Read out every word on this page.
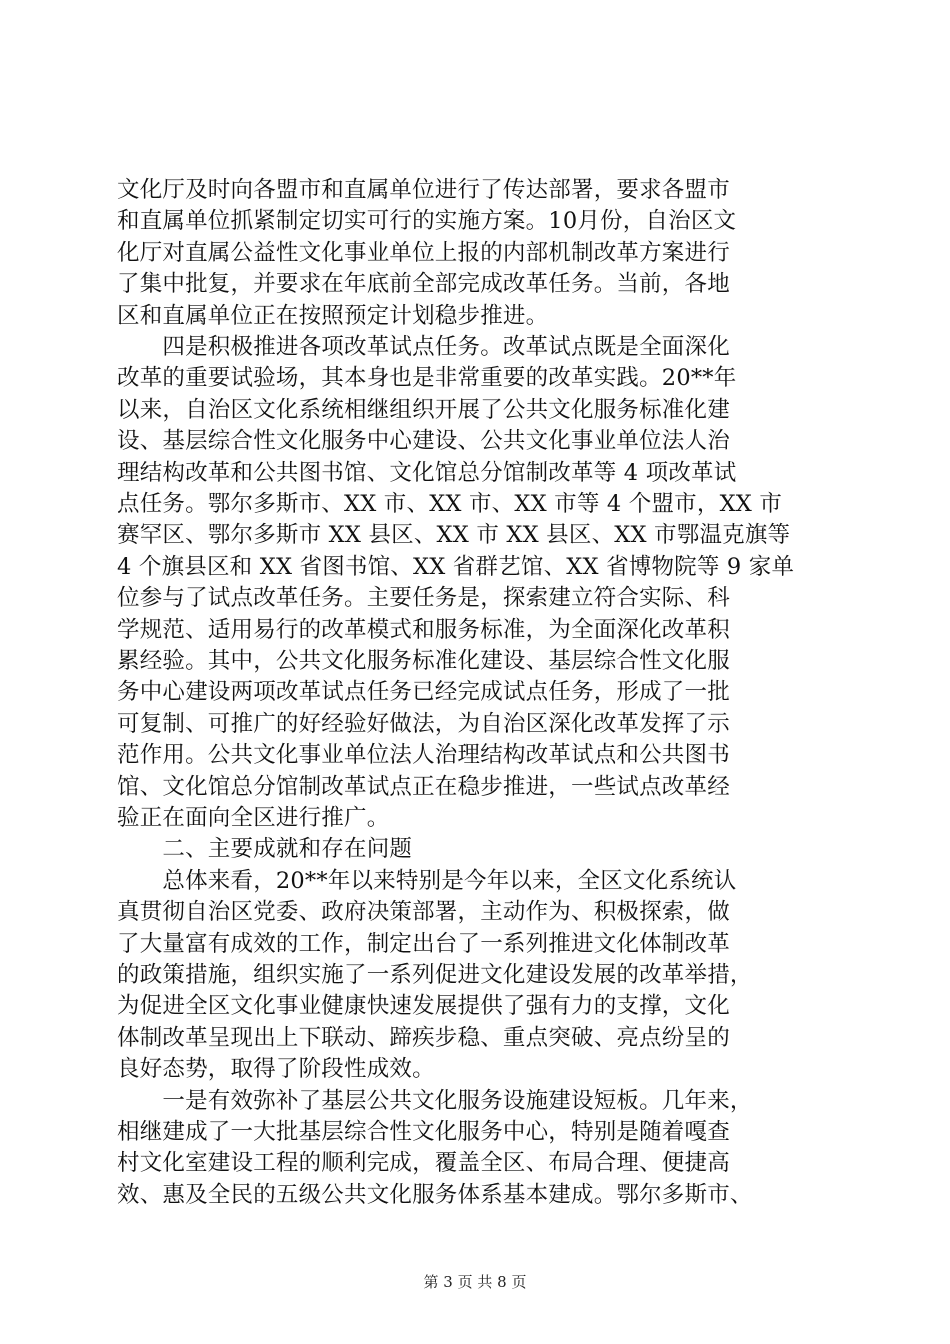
文化厅及时向各盟市和直属单位进行了传达部署，要求各盟市
和直属单位抓紧制定切实可行的实施方案。10月份，自治区文
化厅对直属公益性文化事业单位上报的内部机制改革方案进行
了集中批复，并要求在年底前全部完成改革任务。当前，各地
区和直属单位正在按照预定计划稳步推进。
　　四是积极推进各项改革试点任务。改革试点既是全面深化
改革的重要试验场，其本身也是非常重要的改革实践。20**年
以来，自治区文化系统相继组织开展了公共文化服务标准化建
设、基层综合性文化服务中心建设、公共文化事业单位法人治
理结构改革和公共图书馆、文化馆总分馆制改革等 4 项改革试
点任务。鄂尔多斯市、XX 市、XX 市、XX 市等 4 个盟市，XX 市
赛罕区、鄂尔多斯市 XX 县区、XX 市 XX 县区、XX 市鄂温克旗等
4 个旗县区和 XX 省图书馆、XX 省群艺馆、XX 省博物院等 9 家单
位参与了试点改革任务。主要任务是，探索建立符合实际、科
学规范、适用易行的改革模式和服务标准，为全面深化改革积
累经验。其中，公共文化服务标准化建设、基层综合性文化服
务中心建设两项改革试点任务已经完成试点任务，形成了一批
可复制、可推广的好经验好做法，为自治区深化改革发挥了示
范作用。公共文化事业单位法人治理结构改革试点和公共图书
馆、文化馆总分馆制改革试点正在稳步推进，一些试点改革经
验正在面向全区进行推广。
　　二、主要成就和存在问题
　　总体来看，20**年以来特别是今年以来，全区文化系统认
真贯彻自治区党委、政府决策部署，主动作为、积极探索，做
了大量富有成效的工作，制定出台了一系列推进文化体制改革
的政策措施，组织实施了一系列促进文化建设发展的改革举措，
为促进全区文化事业健康快速发展提供了强有力的支撑，文化
体制改革呈现出上下联动、蹄疾步稳、重点突破、亮点纷呈的
良好态势，取得了阶段性成效。
　　一是有效弥补了基层公共文化服务设施建设短板。几年来，
相继建成了一大批基层综合性文化服务中心，特别是随着嘎查
村文化室建设工程的顺利完成，覆盖全区、布局合理、便捷高
效、惠及全民的五级公共文化服务体系基本建成。鄂尔多斯市、
第 3 页 共 8 页
